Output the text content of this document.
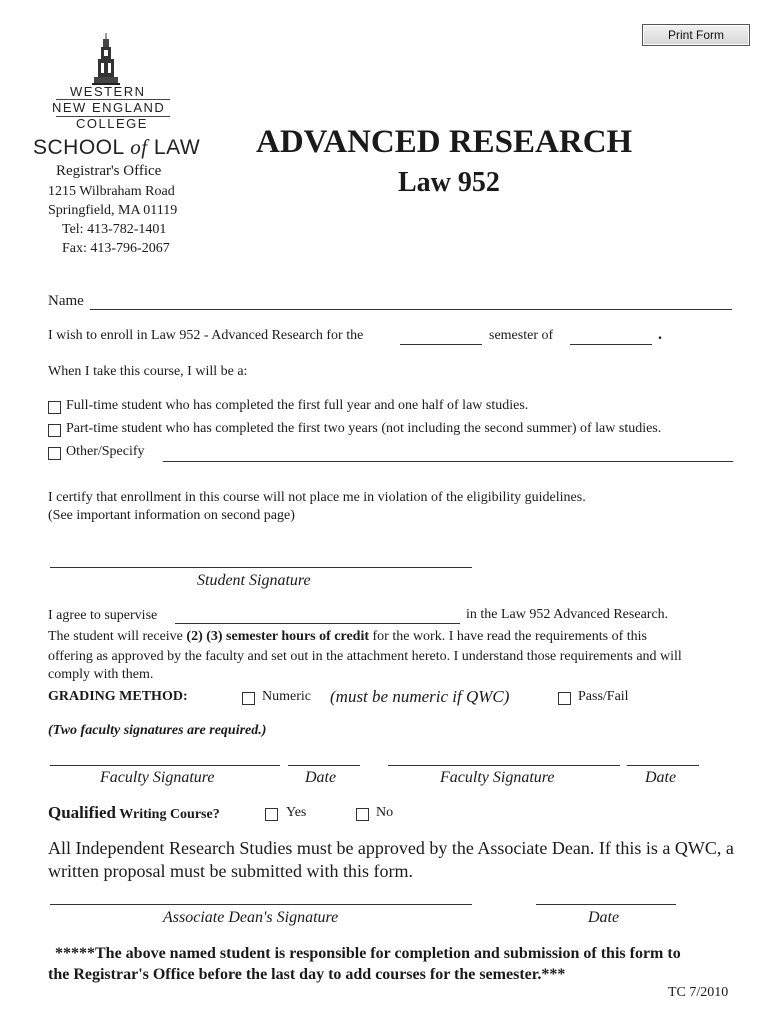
Print Form
WESTERN
NEW ENGLAND
COLLEGE
SCHOOL of LAW
Registrar's Office
1215 Wilbraham Road
Springfield, MA 01119
Tel: 413-782-1401
Fax: 413-796-2067
ADVANCED RESEARCH
Law 952
Name
I wish to enroll in Law 952 - Advanced Research for the	semester of	.
When I take this course, I will be a:
Full-time student who has completed the first full year and one half of law studies.
Part-time student who has completed the first two years (not including the second summer) of law studies.
Other/Specify
I certify that enrollment in this course will not place me in violation of the eligibility guidelines.
(See important information on second page)
Student Signature
I agree to supervise	in the Law 952 Advanced Research.
The student will receive (2) (3) semester hours of credit for the work. I have read the requirements of this
offering as approved by the faculty and set out in the attachment hereto. I understand those requirements and will
comply with them.
GRADING METHOD:	Numeric (must be numeric if QWC)	Pass/Fail
(Two faculty signatures are required.)
Faculty Signature	Date	Faculty Signature	Date
Qualified Writing Course?	Yes	No
All Independent Research Studies must be approved by the Associate Dean. If this is a QWC, a
written proposal must be submitted with this form.
Associate Dean's Signature	Date
*****The above named student is responsible for completion and submission of this form to
the Registrar's Office before the last day to add courses for the semester.***
TC 7/2010
